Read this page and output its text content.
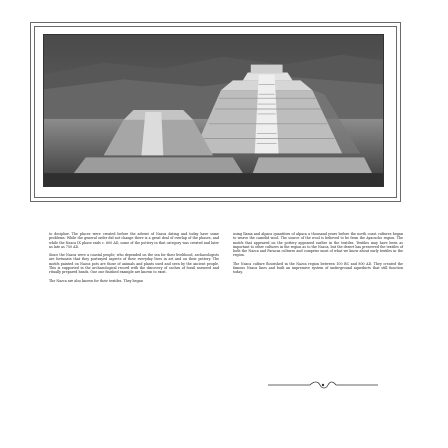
to decipher. The places were created before the advent of Nazca dating and today have some problems. While the general order did not change there is a great deal of overlap of the phases, and while the Nazca IX phase ends c. 600 AD, some of the pottery in that category was created and later as late as 750 AD.

Since the Nazca were a coastal people, who depended on the sea for their livelihood, archaeologists are fortunate that they portrayed aspects of their everyday lives in art and on their pottery. The motifs painted on Nazca pots are those of animals and plants used and seen by the ancient people. This is supported in the archaeological record with the discovery of caches of fossil seaweed and ritually prepared heads. One one finished example are known to exist.

The Nazca are also known for their textiles. They began

using llama and alpaca quantities of alpaca a thousand years before the north coast cultures began to weave the camelid wool. The source of the wool is believed to be from the Ayacucho region. The motifs that appeared on the pottery appeared earlier in the textiles. Textiles may have been as important to other cultures in the region as to the Nazca, but the desert has preserved the textiles of both the Nazca and Paracas cultures and comprise most of what we know about early textiles in the region.

The Nazca culture flourished in the Nazca region between 100 BC and 800 AD. They created the famous Nazca lines and built an impressive system of underground aqueducts that still function today.
